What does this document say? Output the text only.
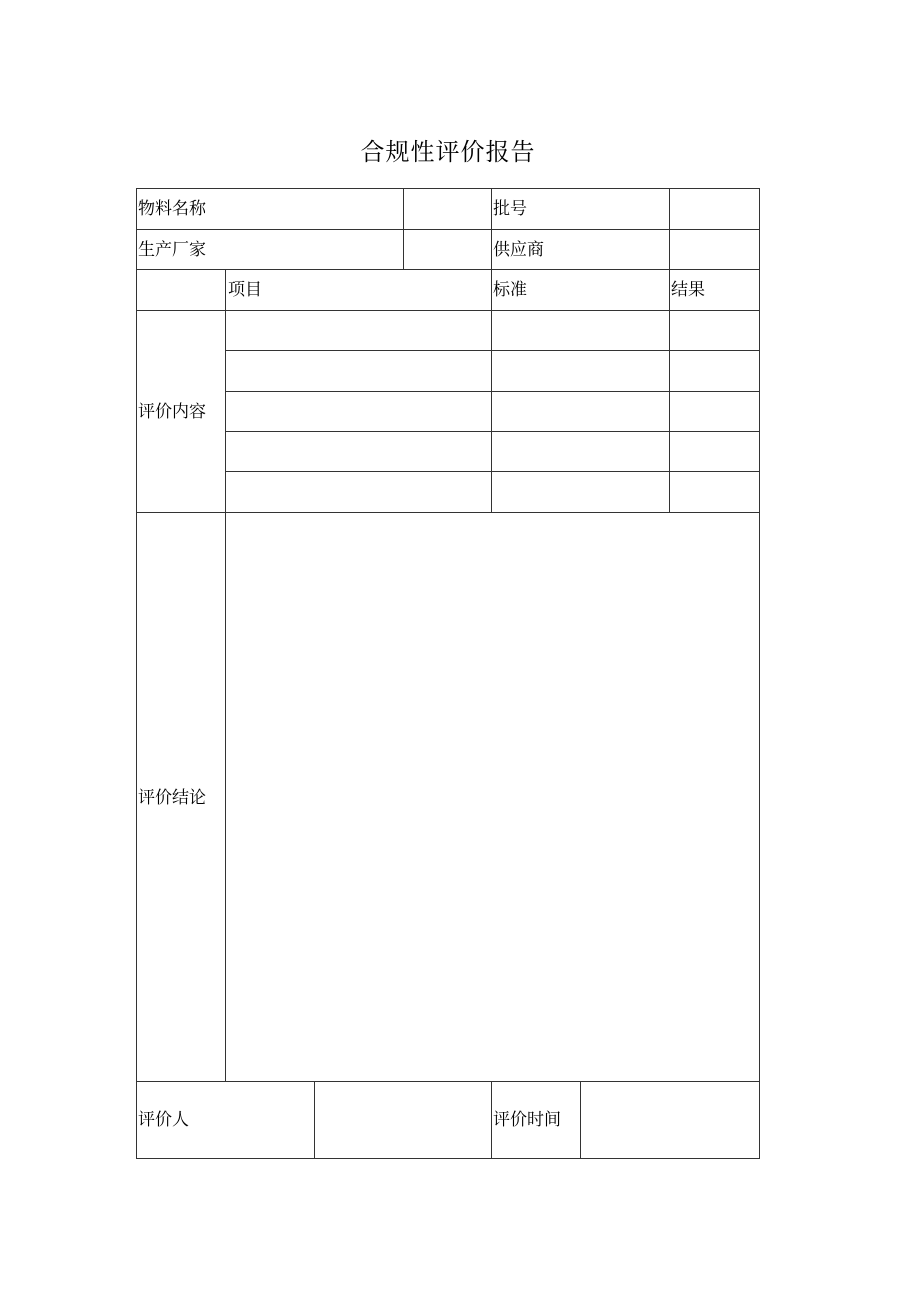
合规性评价报告
物料名称	批号
生产厂家	供应商
项目	标准	结果
评价内容
评价结论
评价人	评价时间
